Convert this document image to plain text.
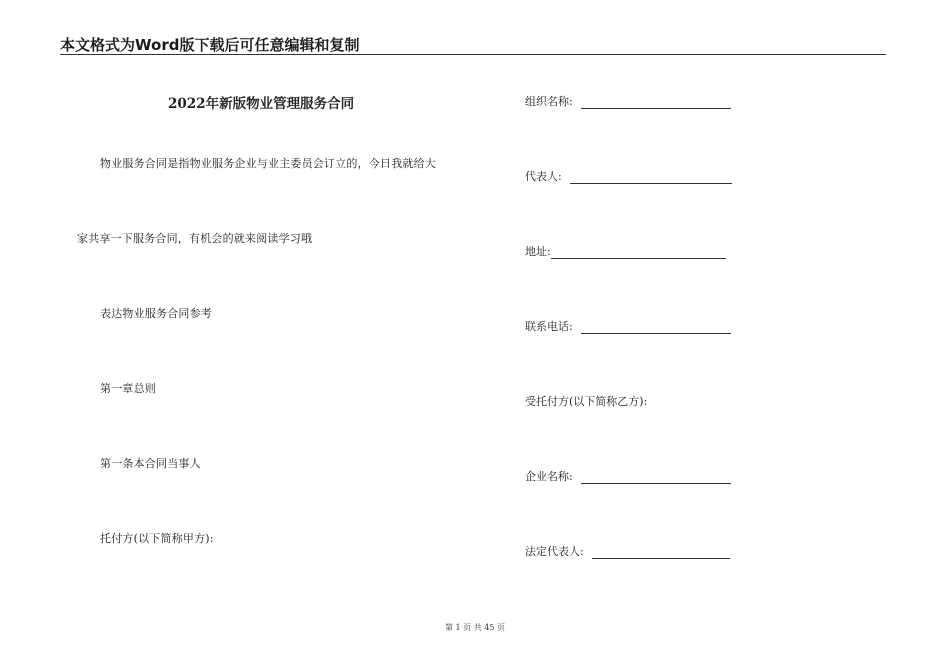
本文格式为Word版下载后可任意编辑和复制
2022年新版物业管理服务合同
物业服务合同是指物业服务企业与业主委员会订立的，今日我就给大
家共享一下服务合同，有机会的就来阅读学习哦
表达物业服务合同参考
第一章总则
第一条本合同当事人
托付方(以下简称甲方):
组织名称:
代表人:
地址:
联系电话:
受托付方(以下简称乙方):
企业名称:
法定代表人:
第 1 页 共 45 页
